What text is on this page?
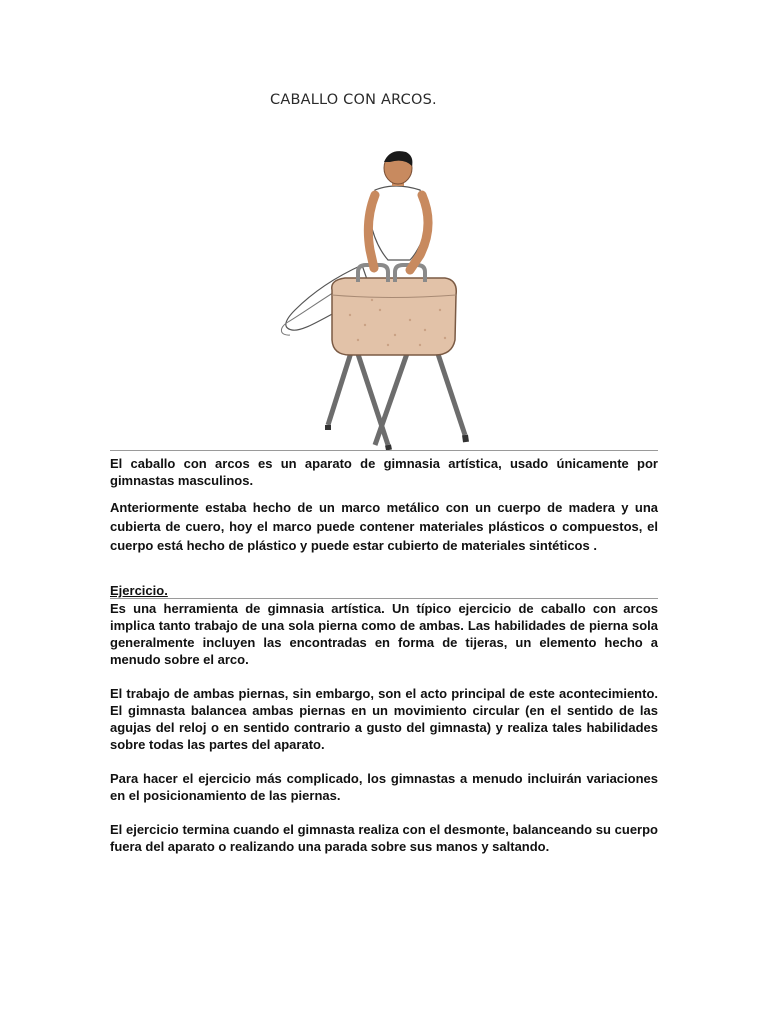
CABALLO CON ARCOS.

El caballo con arcos es un aparato de gimnasia artística, usado únicamente por gimnastas masculinos.

Anteriormente estaba hecho de un marco metálico con un cuerpo de madera y una cubierta de cuero, hoy el marco puede contener materiales plásticos o compuestos, el cuerpo está hecho de plástico y puede estar cubierto de materiales sintéticos .

Ejercicio.

Es una herramienta de gimnasia artística. Un típico ejercicio de caballo con arcos implica tanto trabajo de una sola pierna como de ambas. Las habilidades de pierna sola generalmente incluyen las encontradas en forma de tijeras, un elemento hecho a menudo sobre el arco.

El trabajo de ambas piernas, sin embargo, son el acto principal de este acontecimiento. El gimnasta balancea ambas piernas en un movimiento circular (en el sentido de las agujas del reloj o en sentido contrario a gusto del gimnasta) y realiza tales habilidades sobre todas las partes del aparato.

Para hacer el ejercicio más complicado, los gimnastas a menudo incluirán variaciones en el posicionamiento de las piernas.

El ejercicio termina cuando el gimnasta realiza con el desmonte, balanceando su cuerpo fuera del aparato o realizando una parada sobre sus manos y saltando.
